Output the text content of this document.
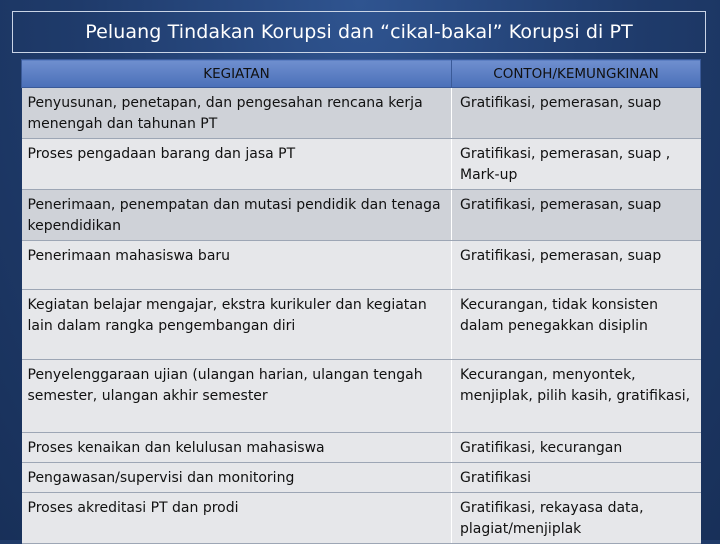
Peluang Tindakan Korupsi dan “cikal-bakal” Korupsi di PT
KEGIATAN	CONTOH/KEMUNGKINAN
Penyusunan, penetapan, dan pengesahan rencana kerja menengah dan tahunan PT	Gratifikasi, pemerasan, suap
Proses pengadaan barang dan jasa PT	Gratifikasi, pemerasan, suap , Mark-up
Penerimaan, penempatan dan mutasi pendidik dan tenaga kependidikan	Gratifikasi, pemerasan, suap
Penerimaan mahasiswa baru	Gratifikasi, pemerasan, suap
Kegiatan belajar mengajar, ekstra kurikuler dan kegiatan lain dalam rangka pengembangan diri	Kecurangan, tidak konsisten dalam penegakkan disiplin
Penyelenggaraan ujian (ulangan harian, ulangan tengah semester, ulangan akhir semester	Kecurangan, menyontek, menjiplak, pilih kasih, gratifikasi,
Proses kenaikan dan kelulusan mahasiswa	Gratifikasi, kecurangan
Pengawasan/supervisi dan monitoring	Gratifikasi
Proses akreditasi PT dan prodi	Gratifikasi, rekayasa data, plagiat/menjiplak
